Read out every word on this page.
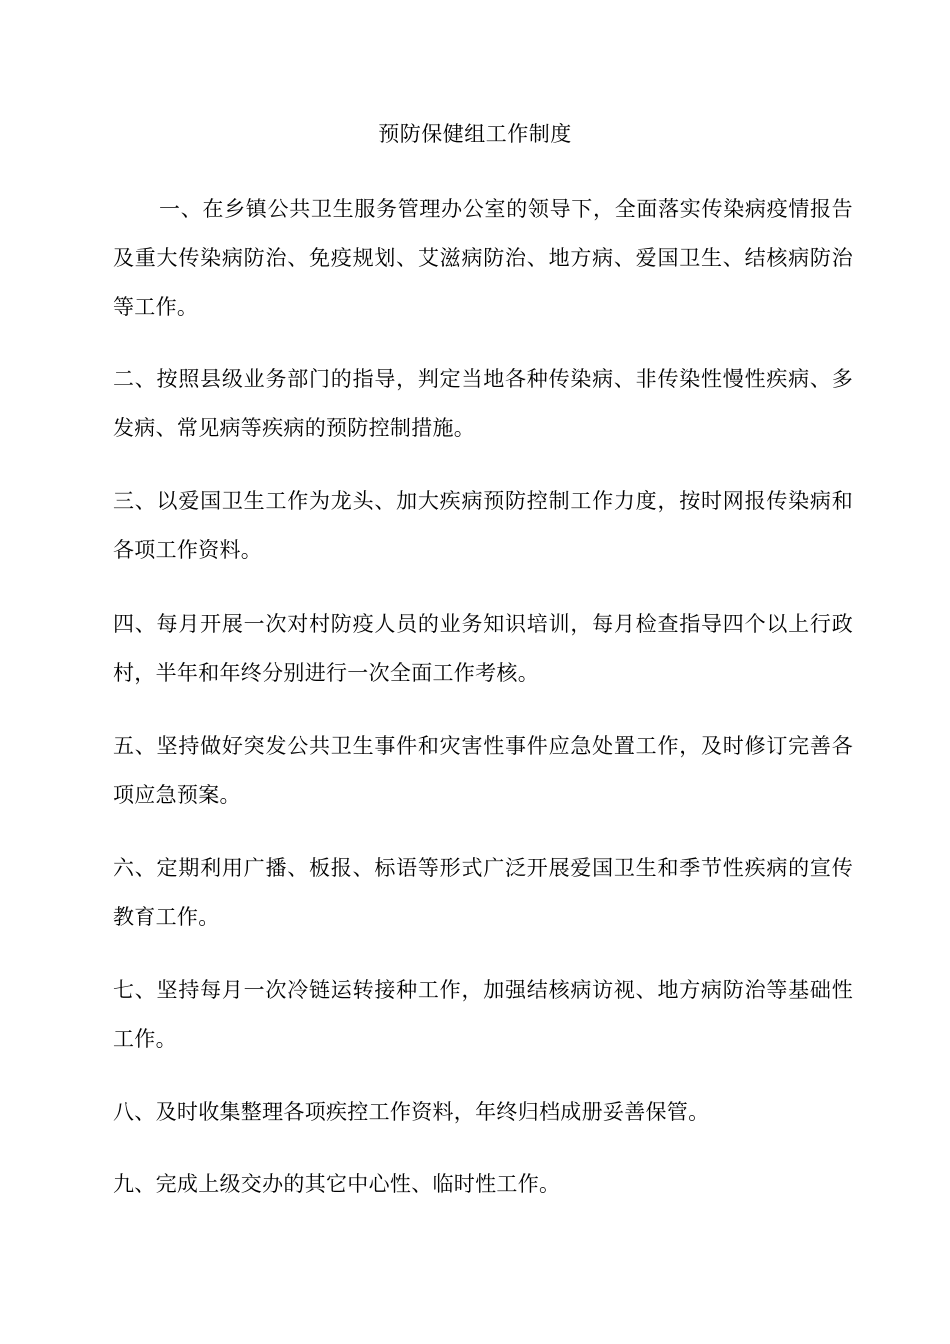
预防保健组工作制度

一、在乡镇公共卫生服务管理办公室的领导下，全面落实传染病疫情报告及重大传染病防治、免疫规划、艾滋病防治、地方病、爱国卫生、结核病防治等工作。

二、按照县级业务部门的指导，判定当地各种传染病、非传染性慢性疾病、多发病、常见病等疾病的预防控制措施。

三、以爱国卫生工作为龙头、加大疾病预防控制工作力度，按时网报传染病和各项工作资料。

四、每月开展一次对村防疫人员的业务知识培训，每月检查指导四个以上行政村，半年和年终分别进行一次全面工作考核。

五、坚持做好突发公共卫生事件和灾害性事件应急处置工作，及时修订完善各项应急预案。

六、定期利用广播、板报、标语等形式广泛开展爱国卫生和季节性疾病的宣传教育工作。

七、坚持每月一次冷链运转接种工作，加强结核病访视、地方病防治等基础性工作。

八、及时收集整理各项疾控工作资料，年终归档成册妥善保管。

九、完成上级交办的其它中心性、临时性工作。
